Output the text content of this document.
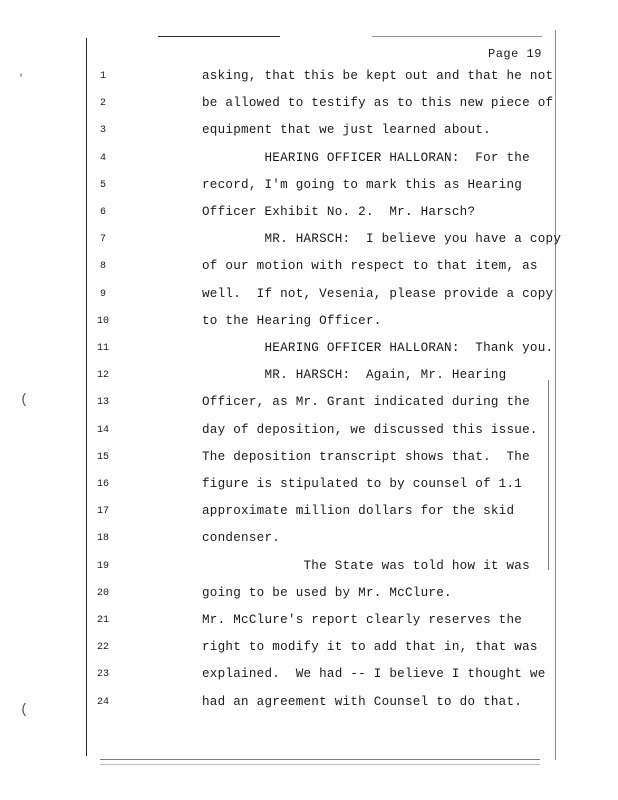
'
(
(
Page 19
1	asking, that this be kept out and that he not
2	be allowed to testify as to this new piece of
3	equipment that we just learned about.
4	HEARING OFFICER HALLORAN:  For the
5	record, I'm going to mark this as Hearing
6	Officer Exhibit No. 2.  Mr. Harsch?
7	MR. HARSCH:  I believe you have a copy
8	of our motion with respect to that item, as
9	well.  If not, Vesenia, please provide a copy
10	to the Hearing Officer.
11	HEARING OFFICER HALLORAN:  Thank you.
12	MR. HARSCH:  Again, Mr. Hearing
13	Officer, as Mr. Grant indicated during the
14	day of deposition, we discussed this issue.
15	The deposition transcript shows that.  The
16	figure is stipulated to by counsel of 1.1
17	approximate million dollars for the skid
18	condenser.
19	The State was told how it was
20	going to be used by Mr. McClure.
21	Mr. McClure's report clearly reserves the
22	right to modify it to add that in, that was
23	explained.  We had -- I believe I thought we
24	had an agreement with Counsel to do that.
